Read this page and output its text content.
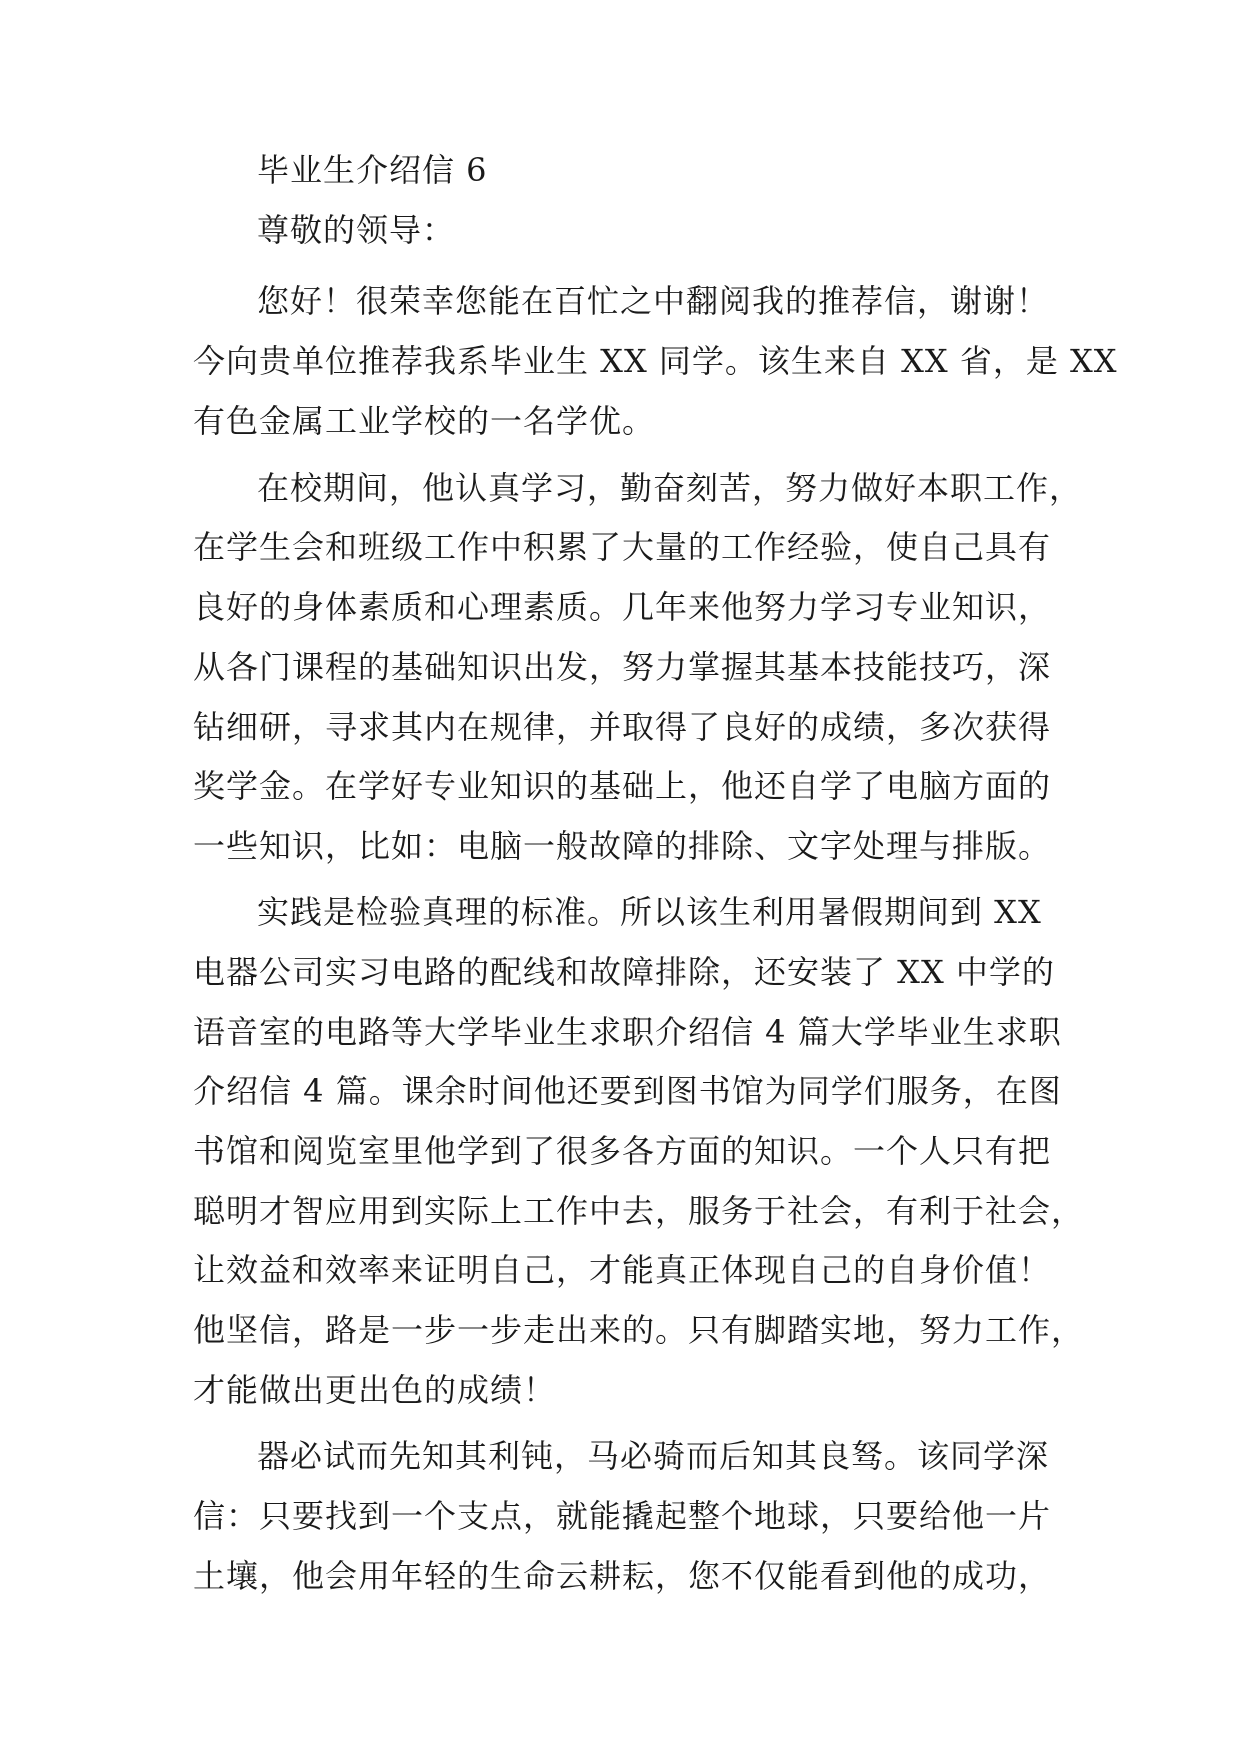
毕业生介绍信 6

尊敬的领导：

您好！很荣幸您能在百忙之中翻阅我的推荐信，谢谢！

今向贵单位推荐我系毕业生 XX 同学。该生来自 XX 省，是 XX

有色金属工业学校的一名学优。

在校期间，他认真学习，勤奋刻苦，努力做好本职工作，

在学生会和班级工作中积累了大量的工作经验，使自己具有

良好的身体素质和心理素质。几年来他努力学习专业知识，

从各门课程的基础知识出发，努力掌握其基本技能技巧，深

钻细研，寻求其内在规律，并取得了良好的成绩，多次获得

奖学金。在学好专业知识的基础上，他还自学了电脑方面的

一些知识，比如：电脑一般故障的排除、文字处理与排版。

实践是检验真理的标准。所以该生利用暑假期间到 XX

电器公司实习电路的配线和故障排除，还安装了 XX 中学的

语音室的电路等大学毕业生求职介绍信 4 篇大学毕业生求职

介绍信 4 篇。课余时间他还要到图书馆为同学们服务，在图

书馆和阅览室里他学到了很多各方面的知识。一个人只有把

聪明才智应用到实际上工作中去，服务于社会，有利于社会，

让效益和效率来证明自己，才能真正体现自己的自身价值！

他坚信，路是一步一步走出来的。只有脚踏实地，努力工作，

才能做出更出色的成绩！

器必试而先知其利钝，马必骑而后知其良驽。该同学深

信：只要找到一个支点，就能撬起整个地球，只要给他一片

土壤，他会用年轻的生命云耕耘，您不仅能看到他的成功，
